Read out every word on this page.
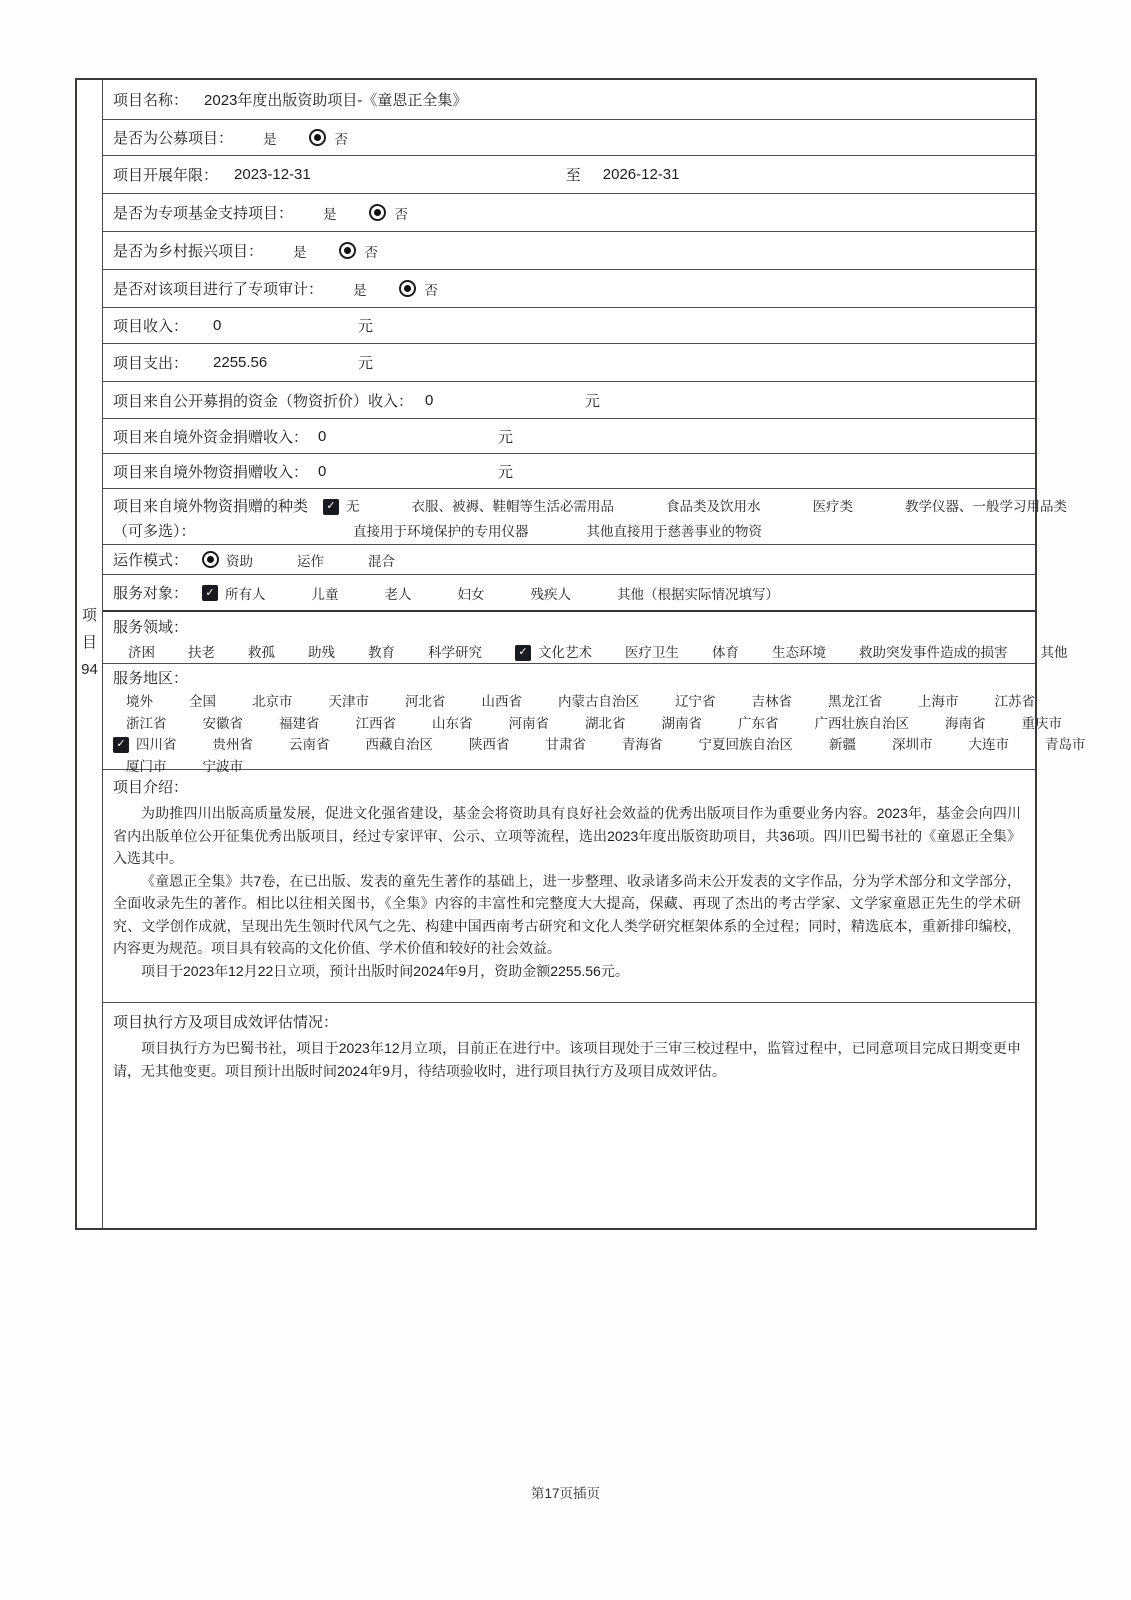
项
目
94
项目名称： 2023年度出版资助项目-《童恩正全集》
是否为公募项目： 是	否
项目开展年限： 2023-12-31	至 2026-12-31
是否为专项基金支持项目： 是	否
是否为乡村振兴项目： 是	否
是否对该项目进行了专项审计： 是	否
项目收入： 0	元
项目支出： 2255.56	元
项目来自公开募捐的资金（物资折价）收入： 0	元
项目来自境外资金捐赠收入： 0	元
项目来自境外物资捐赠收入： 0	元
项目来自境外物资捐赠的种类
（可多选）：
✓ 无	衣服、被褥、鞋帽等生活必需用品	食品类及饮用水	医疗类	教学仪器、一般学习用品类
直接用于环境保护的专用仪器	其他直接用于慈善事业的物资
运作模式：	资助	运作	混合
服务对象：	✓ 所有人	儿童	老人	妇女	残疾人	其他（根据实际情况填写）
服务领域：
济困 扶老 救孤 助残 教育 科学研究	✓ 文化艺术 医疗卫生 体育 生态环境 救助突发事件造成的损害 其他
服务地区：
境外	全国	北京市	天津市	河北省	山西省	内蒙古自治区	辽宁省	吉林省	黑龙江省	上海市	江苏省
浙江省	安徽省	福建省	江西省	山东省	河南省	湖北省	湖南省	广东省	广西壮族自治区	海南省	重庆市
✓ 四川省	贵州省	云南省	西藏自治区	陕西省	甘肃省	青海省	宁夏回族自治区	新疆	深圳市	大连市	青岛市
厦门市	宁波市
项目介绍：

为助推四川出版高质量发展，促进文化强省建设，基金会将资助具有良好社会效益的优秀出版项目作为重要业务内容。2023年，基金会向四川省内出版单位公开征集优秀出版项目，经过专家评审、公示、立项等流程，选出2023年度出版资助项目，共36项。四川巴蜀书社的《童恩正全集》入选其中。

《童恩正全集》共7卷，在已出版、发表的童先生著作的基础上，进一步整理、收录诸多尚未公开发表的文字作品，分为学术部分和文学部分，全面收录先生的著作。相比以往相关图书，《全集》内容的丰富性和完整度大大提高，保藏、再现了杰出的考古学家、文学家童恩正先生的学术研究、文学创作成就，呈现出先生领时代风气之先、构建中国西南考古研究和文化人类学研究框架体系的全过程；同时，精选底本，重新排印编校，内容更为规范。项目具有较高的文化价值、学术价值和较好的社会效益。

项目于2023年12月22日立项，预计出版时间2024年9月，资助金额2255.56元。

项目执行方及项目成效评估情况：

项目执行方为巴蜀书社，项目于2023年12月立项，目前正在进行中。该项目现处于三审三校过程中，监管过程中，已同意项目完成日期变更申请，无其他变更。项目预计出版时间2024年9月，待结项验收时，进行项目执行方及项目成效评估。

第17页插页
